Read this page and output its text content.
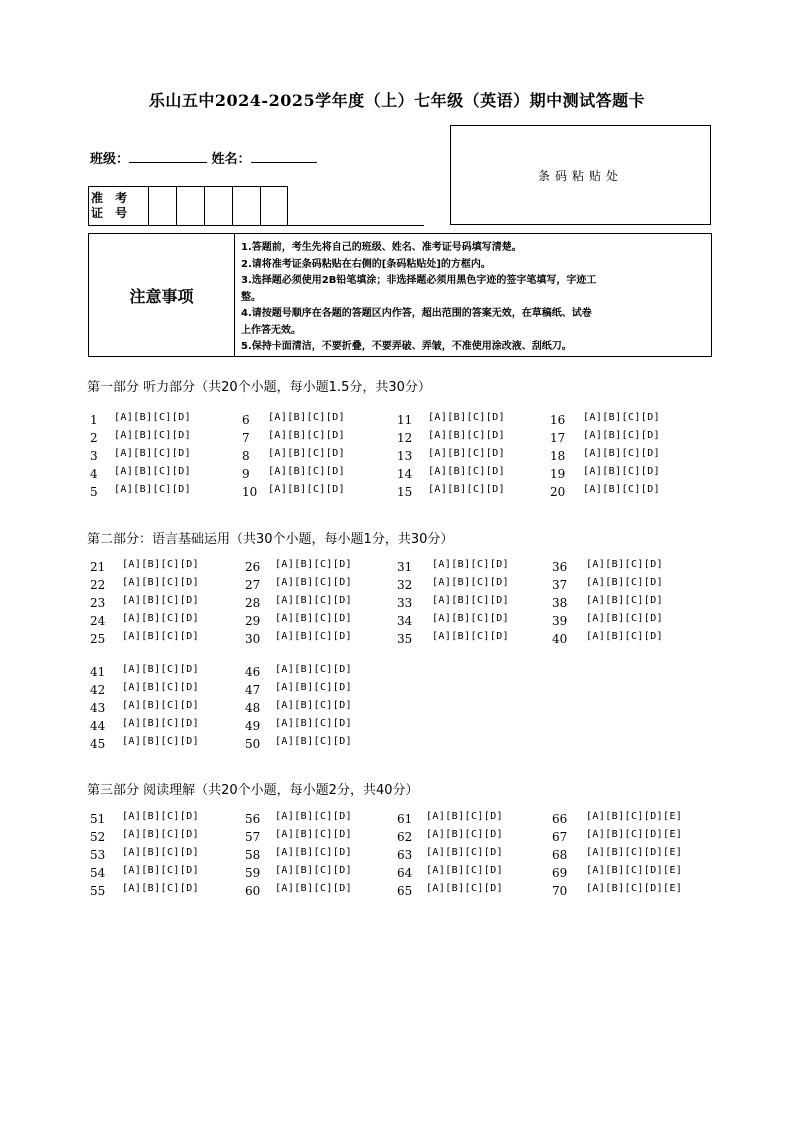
乐山五中2024-2025学年度（上）七年级（英语）期中测试答题卡
班级：	姓名：
条码粘贴处
准 考
证 号
注意事项
1.答题前，考生先将自己的班级、姓名、准考证号码填写清楚。
2.请将准考证条码粘贴在右侧的[条码粘贴处]的方框内。
3.选择题必须使用2B铅笔填涂；非选择题必须用黑色字迹的签字笔填写，字迹工
整。
4.请按题号顺序在各题的答题区内作答，超出范围的答案无效，在草稿纸、试卷
上作答无效。
5.保持卡面清洁，不要折叠，不要弄破、弄皱，不准使用涂改液、刮纸刀。
第一部分 听力部分（共20个小题，每小题1.5分，共30分）
第二部分：语言基础运用（共30个小题，每小题1分，共30分）
第三部分 阅读理解（共20个小题，每小题2分，共40分）
1 [A][B][C][D]
2 [A][B][C][D]
3 [A][B][C][D]
4 [A][B][C][D]
5 [A][B][C][D]
6 [A][B][C][D]
7 [A][B][C][D]
8 [A][B][C][D]
9 [A][B][C][D]
10 [A][B][C][D]
11 [A][B][C][D]
12 [A][B][C][D]
13 [A][B][C][D]
14 [A][B][C][D]
15 [A][B][C][D]
16 [A][B][C][D]
17 [A][B][C][D]
18 [A][B][C][D]
19 [A][B][C][D]
20 [A][B][C][D]
21 [A][B][C][D]
22 [A][B][C][D]
23 [A][B][C][D]
24 [A][B][C][D]
25 [A][B][C][D]
26 [A][B][C][D]
27 [A][B][C][D]
28 [A][B][C][D]
29 [A][B][C][D]
30 [A][B][C][D]
31 [A][B][C][D]
32 [A][B][C][D]
33 [A][B][C][D]
34 [A][B][C][D]
35 [A][B][C][D]
36 [A][B][C][D]
37 [A][B][C][D]
38 [A][B][C][D]
39 [A][B][C][D]
40 [A][B][C][D]
41 [A][B][C][D]
42 [A][B][C][D]
43 [A][B][C][D]
44 [A][B][C][D]
45 [A][B][C][D]
46 [A][B][C][D]
47 [A][B][C][D]
48 [A][B][C][D]
49 [A][B][C][D]
50 [A][B][C][D]
51 [A][B][C][D]
52 [A][B][C][D]
53 [A][B][C][D]
54 [A][B][C][D]
55 [A][B][C][D]
56 [A][B][C][D]
57 [A][B][C][D]
58 [A][B][C][D]
59 [A][B][C][D]
60 [A][B][C][D]
61 [A][B][C][D]
62 [A][B][C][D]
63 [A][B][C][D]
64 [A][B][C][D]
65 [A][B][C][D]
66 [A][B][C][D][E]
67 [A][B][C][D][E]
68 [A][B][C][D][E]
69 [A][B][C][D][E]
70 [A][B][C][D][E]
